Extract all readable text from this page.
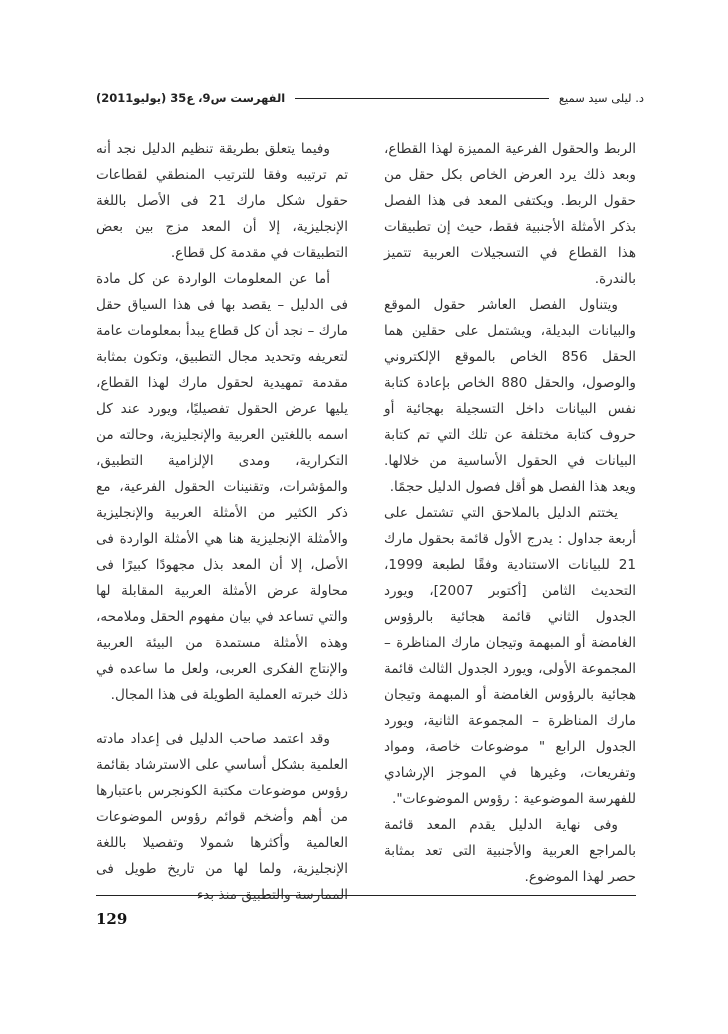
د. ليلى سيد سميع
الفهرست س9، ع35 (يوليو2011)

الربط والحقول الفرعية المميزة لهذا القطاع، وبعد ذلك يرد العرض الخاص بكل حقل من حقول الربط. ويكتفى المعد فى هذا الفصل بذكر الأمثلة الأجنبية فقط، حيث إن تطبيقات هذا القطاع في التسجيلات العربية تتميز بالندرة.

ويتناول الفصل العاشر حقول الموقع والبيانات البديلة، ويشتمل على حقلين هما الحقل 856 الخاص بالموقع الإلكتروني والوصول، والحقل 880 الخاص بإعادة كتابة نفس البيانات داخل التسجيلة بهجائية أو حروف كتابة مختلفة عن تلك التي تم كتابة البيانات في الحقول الأساسية من خلالها. ويعد هذا الفصل هو أقل فصول الدليل حجمًا.

يختتم الدليل بالملاحق التي تشتمل على أربعة جداول : يدرج الأول قائمة بحقول مارك 21 للبيانات الاستنادية وفقًا لطبعة 1999، التحديث الثامن [أكتوبر 2007]، ويورد الجدول الثاني قائمة هجائية بالرؤوس الغامضة أو المبهمة وتيجان مارك المناظرة – المجموعة الأولى، ويورد الجدول الثالث قائمة هجائية بالرؤوس الغامضة أو المبهمة وتيجان مارك المناظرة – المجموعة الثانية، ويورد الجدول الرابع " موضوعات خاصة، ومواد وتفريعات، وغيرها في الموجز الإرشادي للفهرسة الموضوعية : رؤوس الموضوعات".

وفى نهاية الدليل يقدم المعد قائمة بالمراجع العربية والأجنبية التى تعد بمثابة حصر لهذا الموضوع.

وفيما يتعلق بطريقة تنظيم الدليل نجد أنه تم ترتيبه وفقا للترتيب المنطقي لقطاعات حقول شكل مارك 21 فى الأصل باللغة الإنجليزية، إلا أن المعد مزج بين بعض التطبيقات في مقدمة كل قطاع.

أما عن المعلومات الواردة عن كل مادة فى الدليل – يقصد بها فى هذا السياق حقل مارك – نجد أن كل قطاع يبدأ بمعلومات عامة لتعريفه وتحديد مجال التطبيق، وتكون بمثابة مقدمة تمهيدية لحقول مارك لهذا القطاع، يليها عرض الحقول تفصيليًا، ويورد عند كل اسمه باللغتين العربية والإنجليزية، وحالته من التكرارية، ومدى الإلزامية التطبيق، والمؤشرات، وتقنينات الحقول الفرعية، مع ذكر الكثير من الأمثلة العربية والإنجليزية والأمثلة الإنجليزية هنا هي الأمثلة الواردة فى الأصل، إلا أن المعد بذل مجهودًا كبيرًا فى محاولة عرض الأمثلة العربية المقابلة لها والتي تساعد في بيان مفهوم الحقل وملامحه، وهذه الأمثلة مستمدة من البيئة العربية والإنتاج الفكرى العربى، ولعل ما ساعده في ذلك خبرته العملية الطويلة فى هذا المجال.

وقد اعتمد صاحب الدليل فى إعداد مادته العلمية بشكل أساسي على الاسترشاد بقائمة رؤوس موضوعات مكتبة الكونجرس باعتبارها من أهم وأضخم قوائم رؤوس الموضوعات العالمية وأكثرها شمولا وتفصيلا باللغة الإنجليزية، ولما لها من تاريخ طويل فى الممارسة والتطبيق منذ بدء

129
